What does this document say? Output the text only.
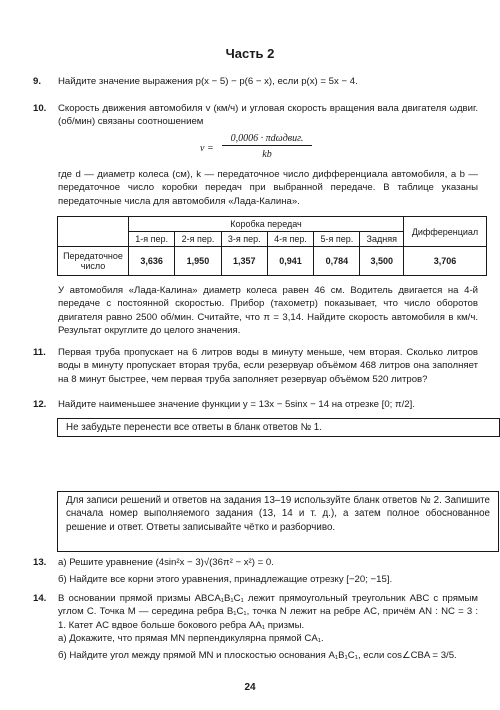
Часть 2
9. Найдите значение выражения p(x − 5) − p(6 − x), если p(x) = 5x − 4.

10. Скорость движения автомобиля v (км/ч) и угловая скорость вращения вала двигателя ωдвиг. (об/мин) связаны соотношением

v =
0,0006 · πdωдвиг.
kb

где d — диаметр колеса (см), k — передаточное число дифференциала автомобиля, а b — передаточное число коробки передач при выбранной передаче. В таблице указаны передаточные числа для автомобиля «Лада-Калина».

	Коробка передач						Дифференциал
	1-я пер.	2-я пер.	3-я пер.	4-я пер.	5-я пер.	Задняя	
Передаточное число	3,636	1,950	1,357	0,941	0,784	3,500	3,706

У автомобиля «Лада-Калина» диаметр колеса равен 46 см. Водитель двигается на 4-й передаче с постоянной скоростью. Прибор (тахометр) показывает, что число оборотов двигателя равно 2500 об/мин. Считайте, что π = 3,14. Найдите скорость автомобиля в км/ч. Результат округлите до целого значения.

11. Первая труба пропускает на 6 литров воды в минуту меньше, чем вторая. Сколько литров воды в минуту пропускает вторая труба, если резервуар объёмом 468 литров она заполняет на 8 минут быстрее, чем первая труба заполняет резервуар объёмом 520 литров?

12. Найдите наименьшее значение функции y = 13x − 5sinx − 14 на отрезке [0; π/2].

Не забудьте перенести все ответы в бланк ответов № 1.
Для записи решений и ответов на задания 13–19 используйте бланк ответов № 2. Запишите сначала номер выполняемого задания (13, 14 и т. д.), а затем полное обоснованное решение и ответ. Ответы записывайте чётко и разборчиво.
13. а) Решите уравнение (4sin²x − 3)√(36π² − x²) = 0.

б) Найдите все корни этого уравнения, принадлежащие отрезку [−20; −15].

14. В основании прямой призмы ABCA₁B₁C₁ лежит прямоугольный треугольник ABC с прямым углом C. Точка M — середина ребра B₁C₁, точка N лежит на ребре AC, причём AN : NC = 3 : 1. Катет AC вдвое больше бокового ребра AA₁ призмы.

а) Докажите, что прямая MN перпендикулярна прямой CA₁.

б) Найдите угол между прямой MN и плоскостью основания A₁B₁C₁, если cos∠CBA = 3/5.

24
